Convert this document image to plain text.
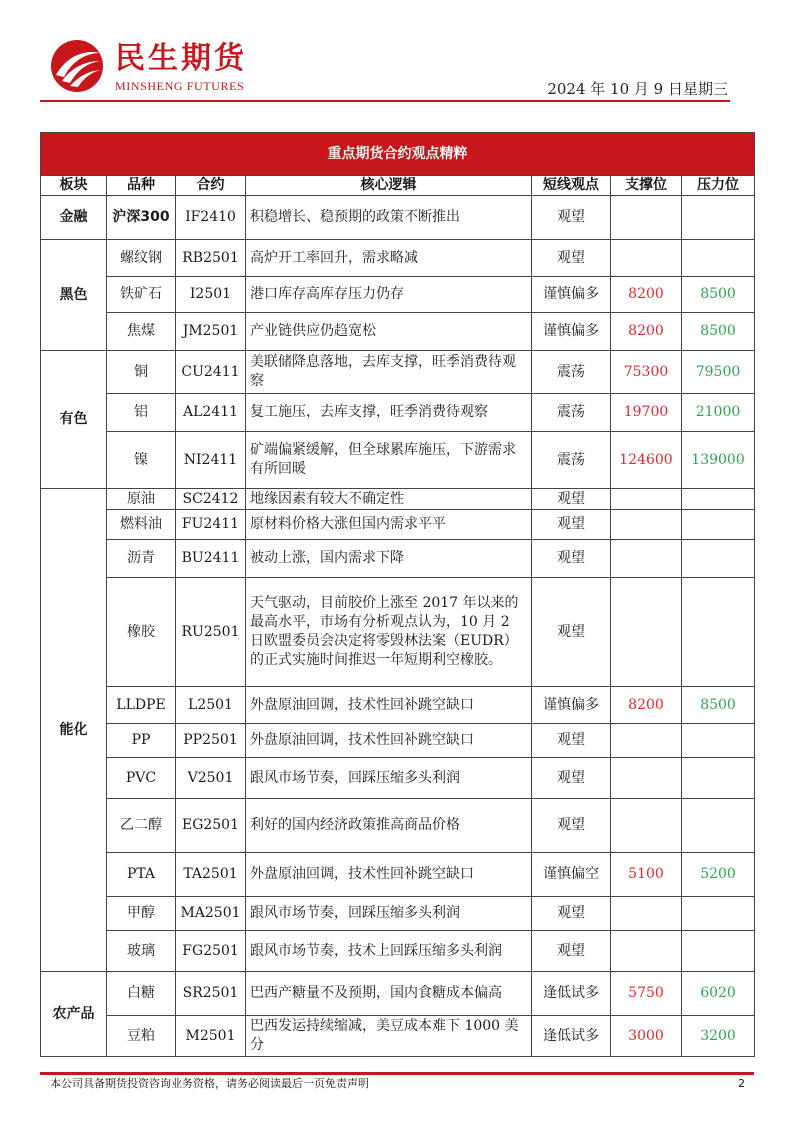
民生期货
MINSHENG FUTURES	2024 年 10 月 9 日星期三
重点期货合约观点精粹						
板块	品种	合约	核心逻辑	短线观点	支撑位	压力位
金融	沪深300	IF2410	积稳增长、稳预期的政策不断推出	观望		
黑色	螺纹钢	RB2501	高炉开工率回升，需求略减	观望		
	铁矿石	I2501	港口库存高库存压力仍存	谨慎偏多	8200	8500
	焦煤	JM2501	产业链供应仍趋宽松	谨慎偏多	8200	8500
有色	铜	CU2411	美联储降息落地，去库支撑，旺季消费待观察	震荡	75300	79500
	铝	AL2411	复工施压，去库支撑，旺季消费待观察	震荡	19700	21000
	镍	NI2411	矿端偏紧缓解，但全球累库施压，下游需求有所回暖	震荡	124600	139000
能化	原油	SC2412	地缘因素有较大不确定性	观望		
	燃料油	FU2411	原材料价格大涨但国内需求平平	观望		
	沥青	BU2411	被动上涨，国内需求下降	观望		
	橡胶	RU2501	天气驱动，目前胶价上涨至 2017 年以来的最高水平，市场有分析观点认为，10 月 2 日欧盟委员会决定将零毁林法案（EUDR）的正式实施时间推迟一年短期利空橡胶。	观望		
	LLDPE	L2501	外盘原油回调，技术性回补跳空缺口	谨慎偏多	8200	8500
	PP	PP2501	外盘原油回调，技术性回补跳空缺口	观望		
	PVC	V2501	跟风市场节奏，回踩压缩多头利润	观望		
	乙二醇	EG2501	利好的国内经济政策推高商品价格	观望		
	PTA	TA2501	外盘原油回调，技术性回补跳空缺口	谨慎偏空	5100	5200
	甲醇	MA2501	跟风市场节奏，回踩压缩多头利润	观望		
	玻璃	FG2501	跟风市场节奏，技术上回踩压缩多头利润	观望		
农产品	白糖	SR2501	巴西产糖量不及预期，国内食糖成本偏高	逢低试多	5750	6020
	豆粕	M2501	巴西发运持续缩减，美豆成本难下 1000 美分	逢低试多	3000	3200
本公司具备期货投资咨询业务资格，请务必阅读最后一页免责声明	2
